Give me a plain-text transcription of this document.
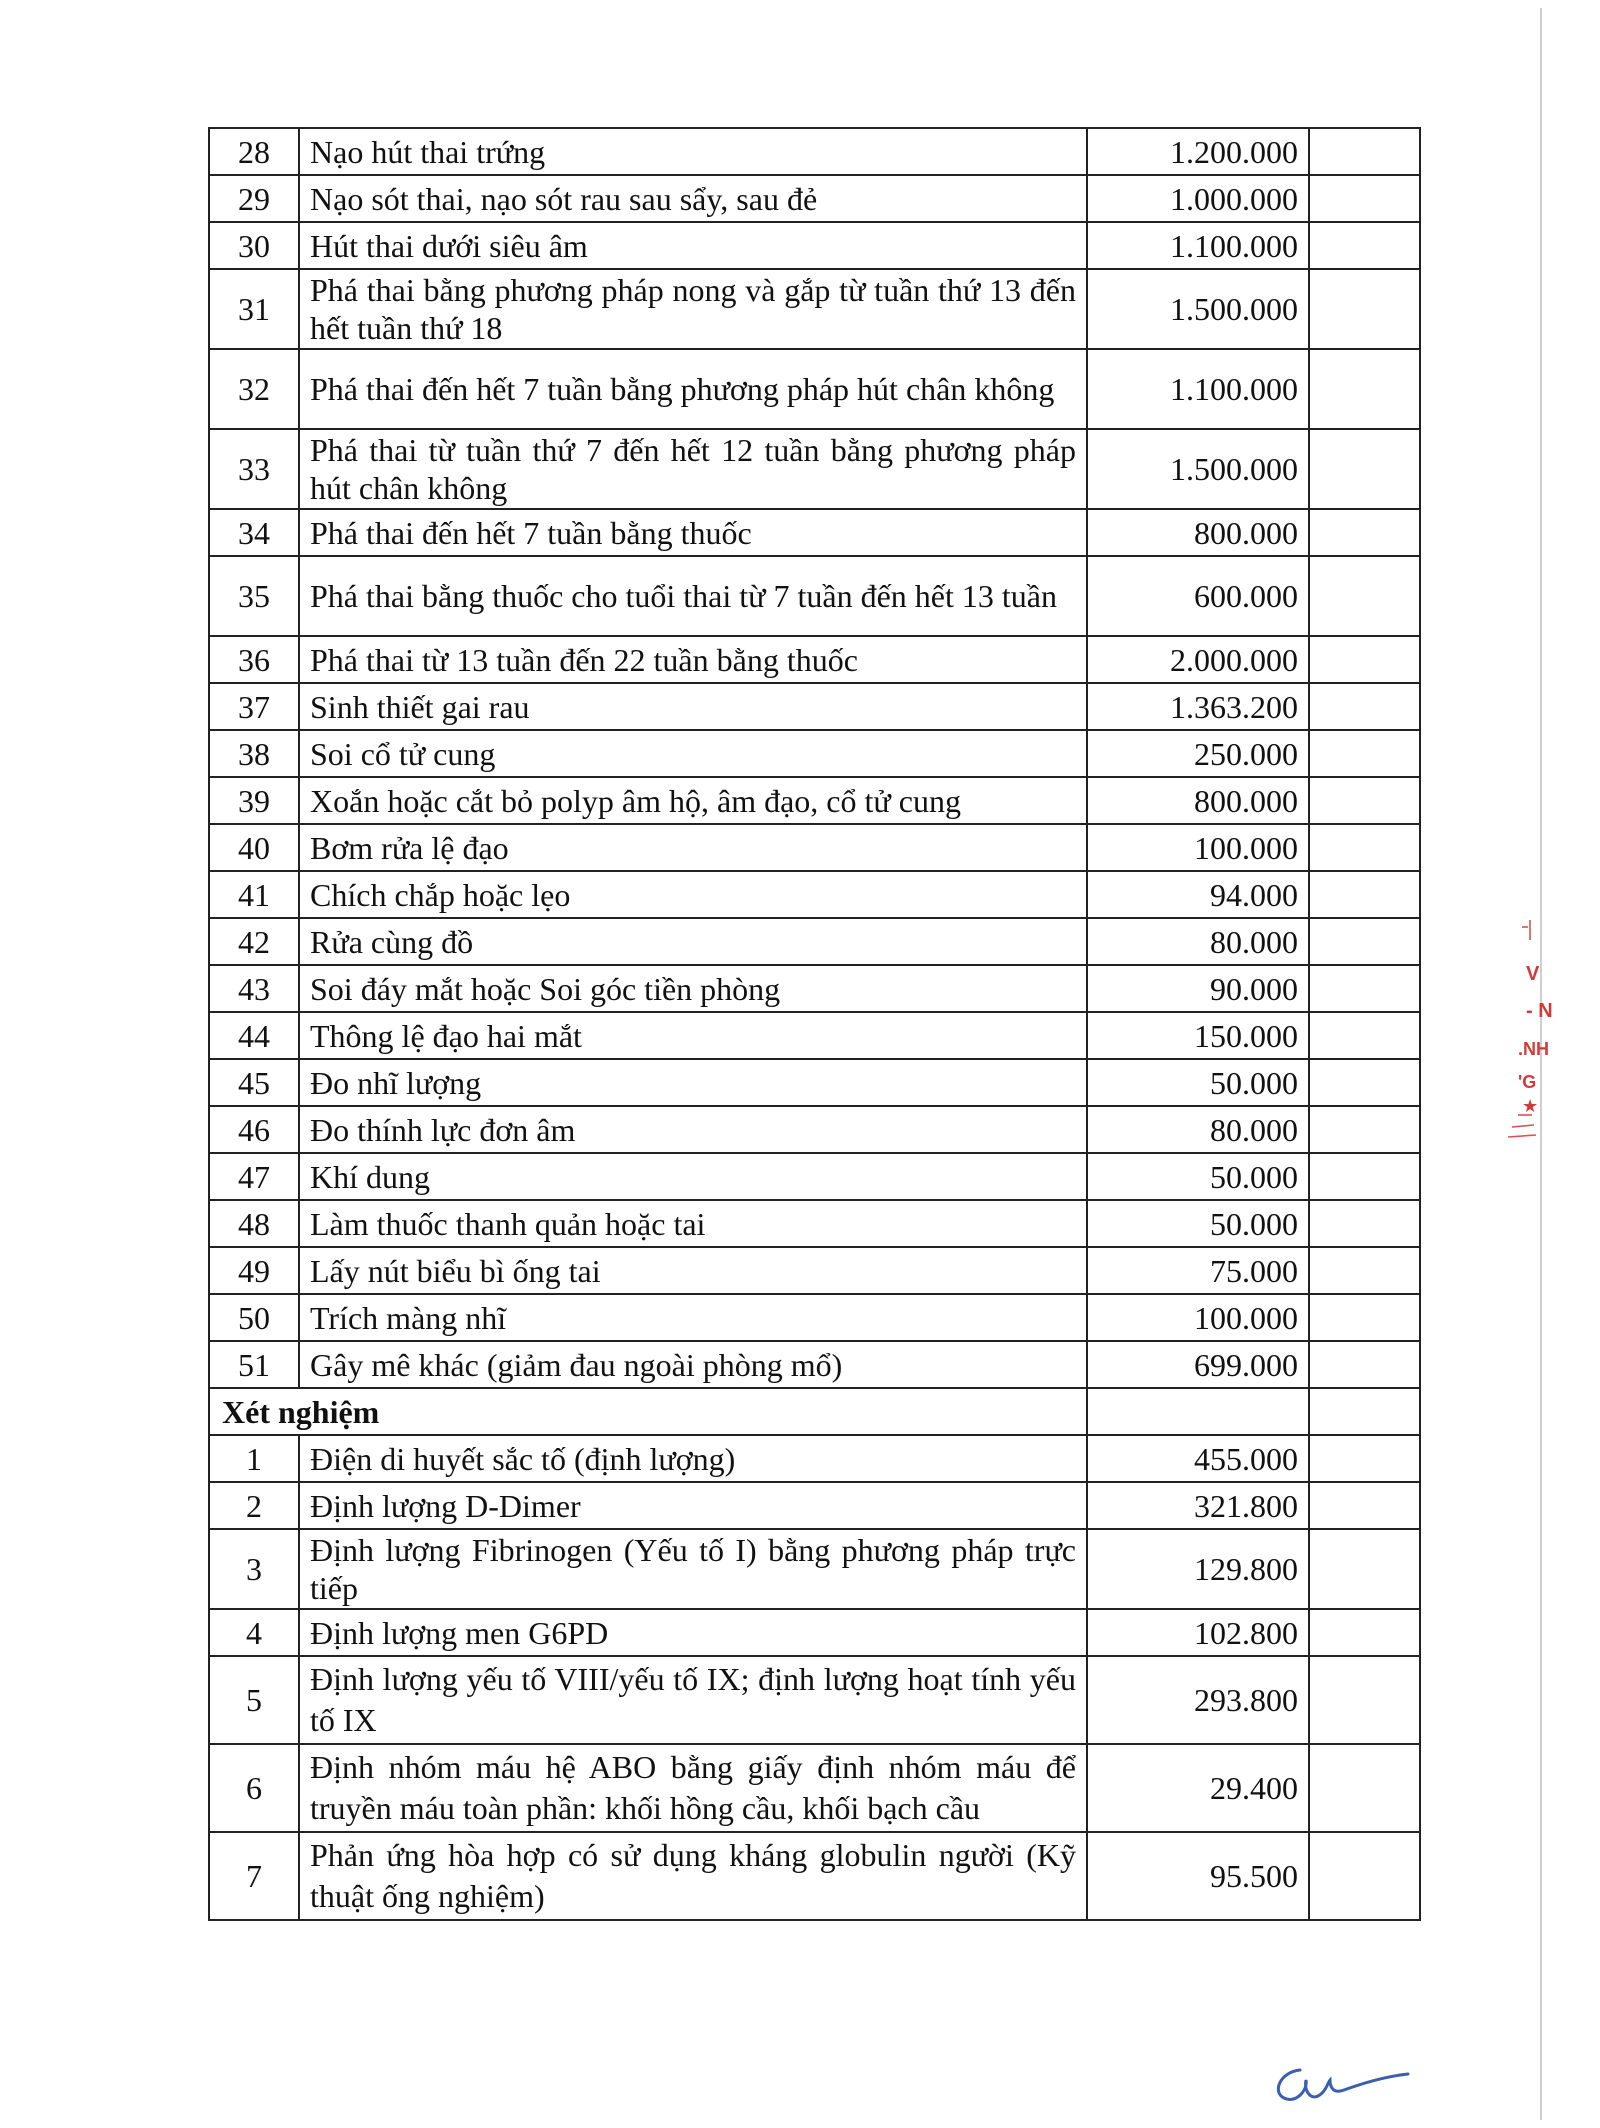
28	Nạo hút thai trứng	1.200.000	
29	Nạo sót thai, nạo sót rau sau sẩy, sau đẻ	1.000.000	
30	Hút thai dưới siêu âm	1.100.000	
31	Phá thai bằng phương pháp nong và gắp từ tuần thứ 13 đến hết tuần thứ 18	1.500.000	
32	Phá thai đến hết 7 tuần bằng phương pháp hút chân không	1.100.000	
33	Phá thai từ tuần thứ 7 đến hết 12 tuần bằng phương pháp hút chân không	1.500.000	
34	Phá thai đến hết 7 tuần bằng thuốc	800.000	
35	Phá thai bằng thuốc cho tuổi thai từ 7 tuần đến hết 13 tuần	600.000	
36	Phá thai từ 13 tuần đến 22 tuần bằng thuốc	2.000.000	
37	Sinh thiết gai rau	1.363.200	
38	Soi cổ tử cung	250.000	
39	Xoắn hoặc cắt bỏ polyp âm hộ, âm đạo, cổ tử cung	800.000	
40	Bơm rửa lệ đạo	100.000	
41	Chích chắp hoặc lẹo	94.000	
42	Rửa cùng đồ	80.000	
43	Soi đáy mắt hoặc Soi góc tiền phòng	90.000	
44	Thông lệ đạo hai mắt	150.000	
45	Đo nhĩ lượng	50.000	
46	Đo thính lực đơn âm	80.000	
47	Khí dung	50.000	
48	Làm thuốc thanh quản hoặc tai	50.000	
49	Lấy nút biểu bì ống tai	75.000	
50	Trích màng nhĩ	100.000	
51	Gây mê khác (giảm đau ngoài phòng mổ)	699.000	
Xét nghiệm			
1	Điện di huyết sắc tố (định lượng)	455.000	
2	Định lượng D-Dimer	321.800	
3	Định lượng Fibrinogen (Yếu tố I) bằng phương pháp trực tiếp	129.800	
4	Định lượng men G6PD	102.800	
5	Định lượng yếu tố VIII/yếu tố IX; định lượng hoạt tính yếu tố IX	293.800	
6	Định nhóm máu hệ ABO bằng giấy định nhóm máu để truyền máu toàn phần: khối hồng cầu, khối bạch cầu	29.400	
7	Phản ứng hòa hợp có sử dụng kháng globulin người (Kỹ thuật ống nghiệm)	95.500	
V
- N
.NH
'G
★
